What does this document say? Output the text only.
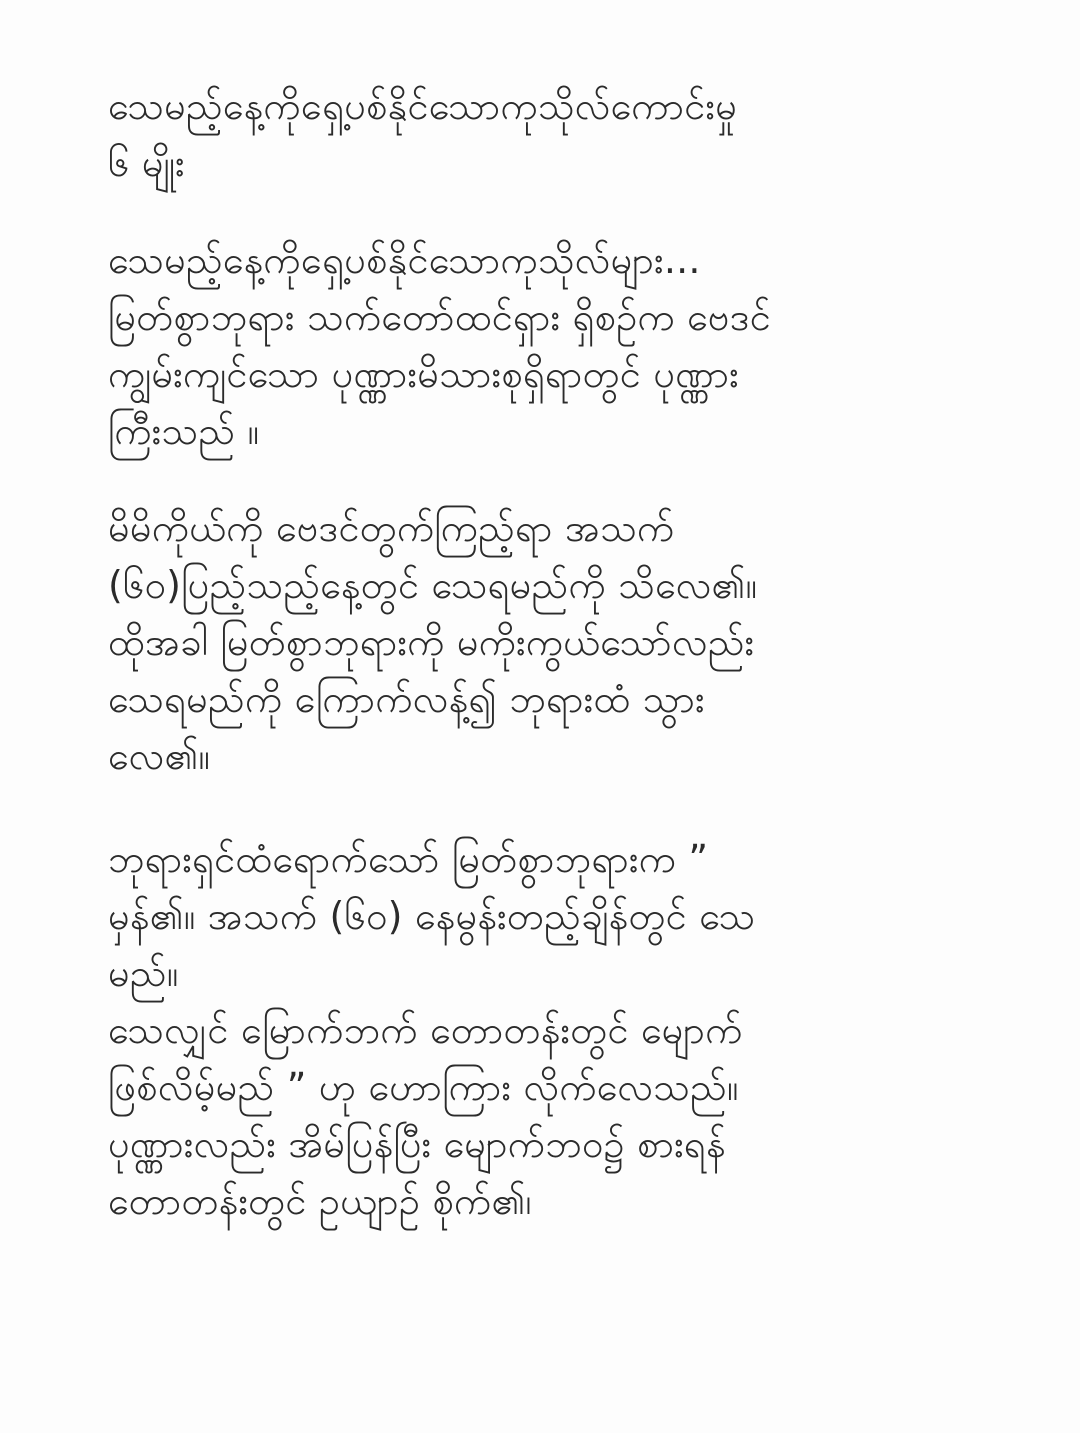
သေမည့်နေ့ကိုရှေ့ပစ်နိုင်သောကုသိုလ်ကောင်းမှု
၆ မျိုး
သေမည့်နေ့ကိုရှေ့ပစ်နိုင်သောကုသိုလ်များ...
မြတ်စွာဘုရား သက်တော်ထင်ရှား ရှိစဉ်က ဗေဒင်
ကျွမ်းကျင်သော ပုဏ္ဏားမိသားစုရှိရာတွင် ပုဏ္ဏား
ကြီးသည် ။
မိမိကိုယ်ကို ဗေဒင်တွက်ကြည့်ရာ အသက်
(၆၀)ပြည့်သည့်နေ့တွင် သေရမည်ကို သိလေ၏။
ထိုအခါ မြတ်စွာဘုရားကို မကိုးကွယ်သော်လည်း
သေရမည်ကို ကြောက်လန့်၍ ဘုရားထံ သွား
လေ၏။
ဘုရားရှင်ထံရောက်သော် မြတ်စွာဘုရားက ”
မှန်၏။ အသက် (၆၀) နေမွန်းတည့်ချိန်တွင် သေ
မည်။
သေလျှင် မြောက်ဘက် တောတန်းတွင် မျောက်
ဖြစ်လိမ့်မည် ” ဟု ဟောကြား လိုက်လေသည်။
ပုဏ္ဏားလည်း အိမ်ပြန်ပြီး မျောက်ဘဝ၌ စားရန်
တောတန်းတွင် ဥယျာဉ် စိုက်၏၊
